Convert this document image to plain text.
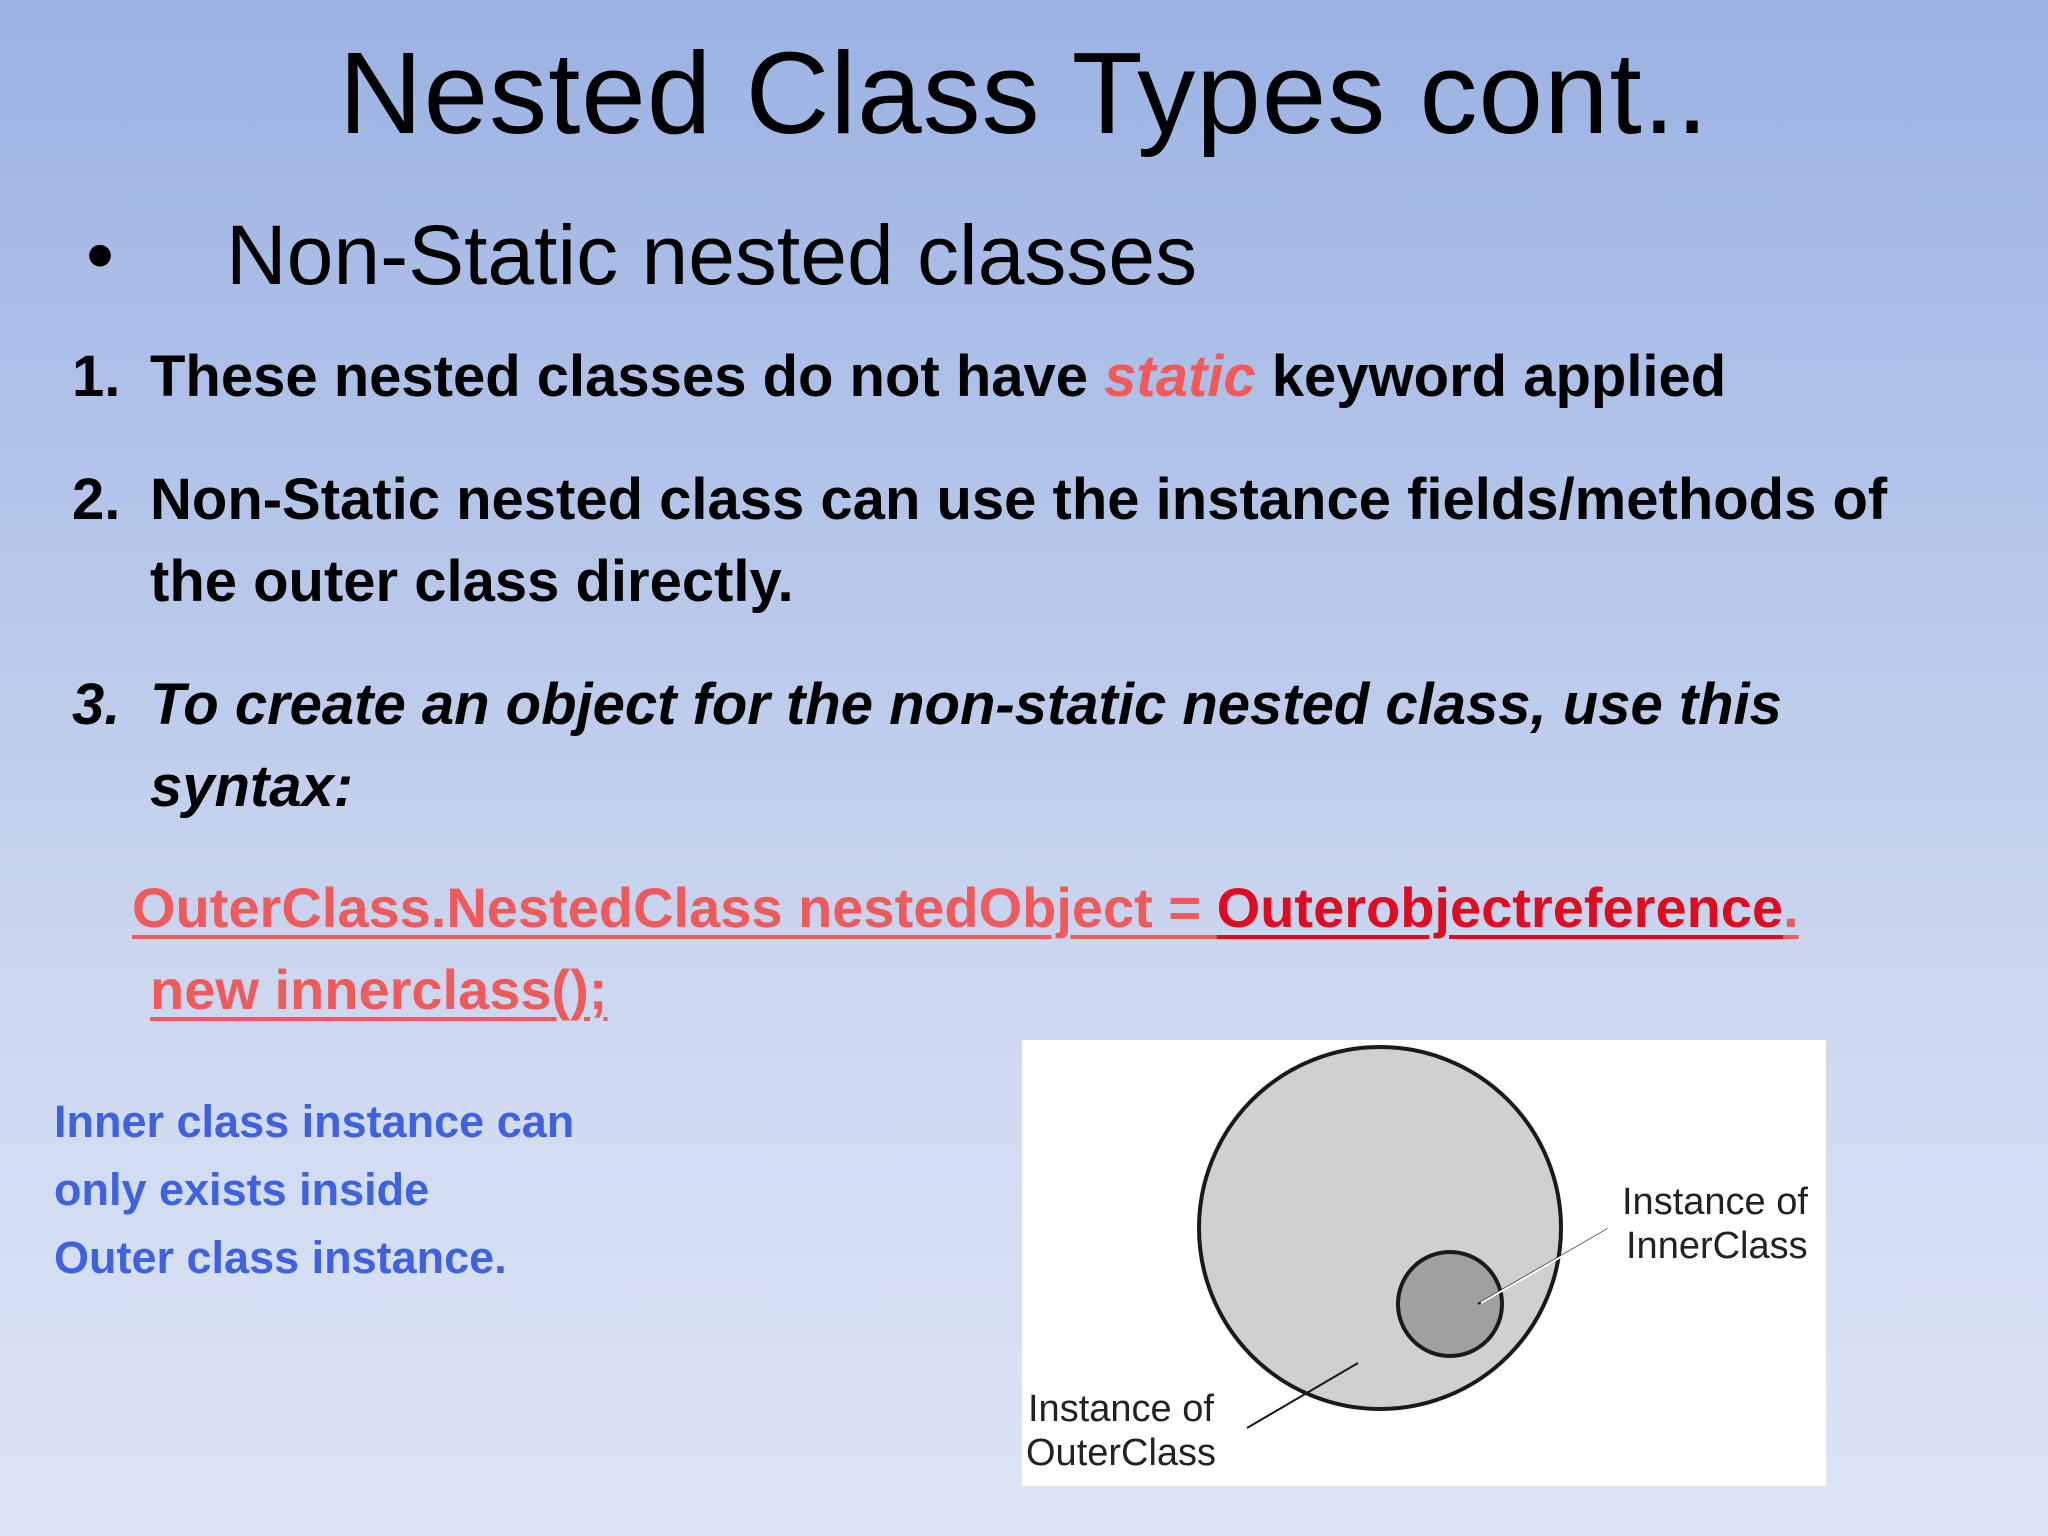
Nested Class Types cont..
• Non-Static nested classes
1. These nested classes do not have static keyword applied
2. Non-Static nested class can use the instance fields/methods of
the outer class directly.
3. To create an object for the non-static nested class, use this
syntax:
OuterClass.NestedClass nestedObject = Outerobjectreference.
new innerclass();
Inner class instance can
only exists inside
Outer class instance.
Instance of
InnerClass
Instance of
OuterClass
